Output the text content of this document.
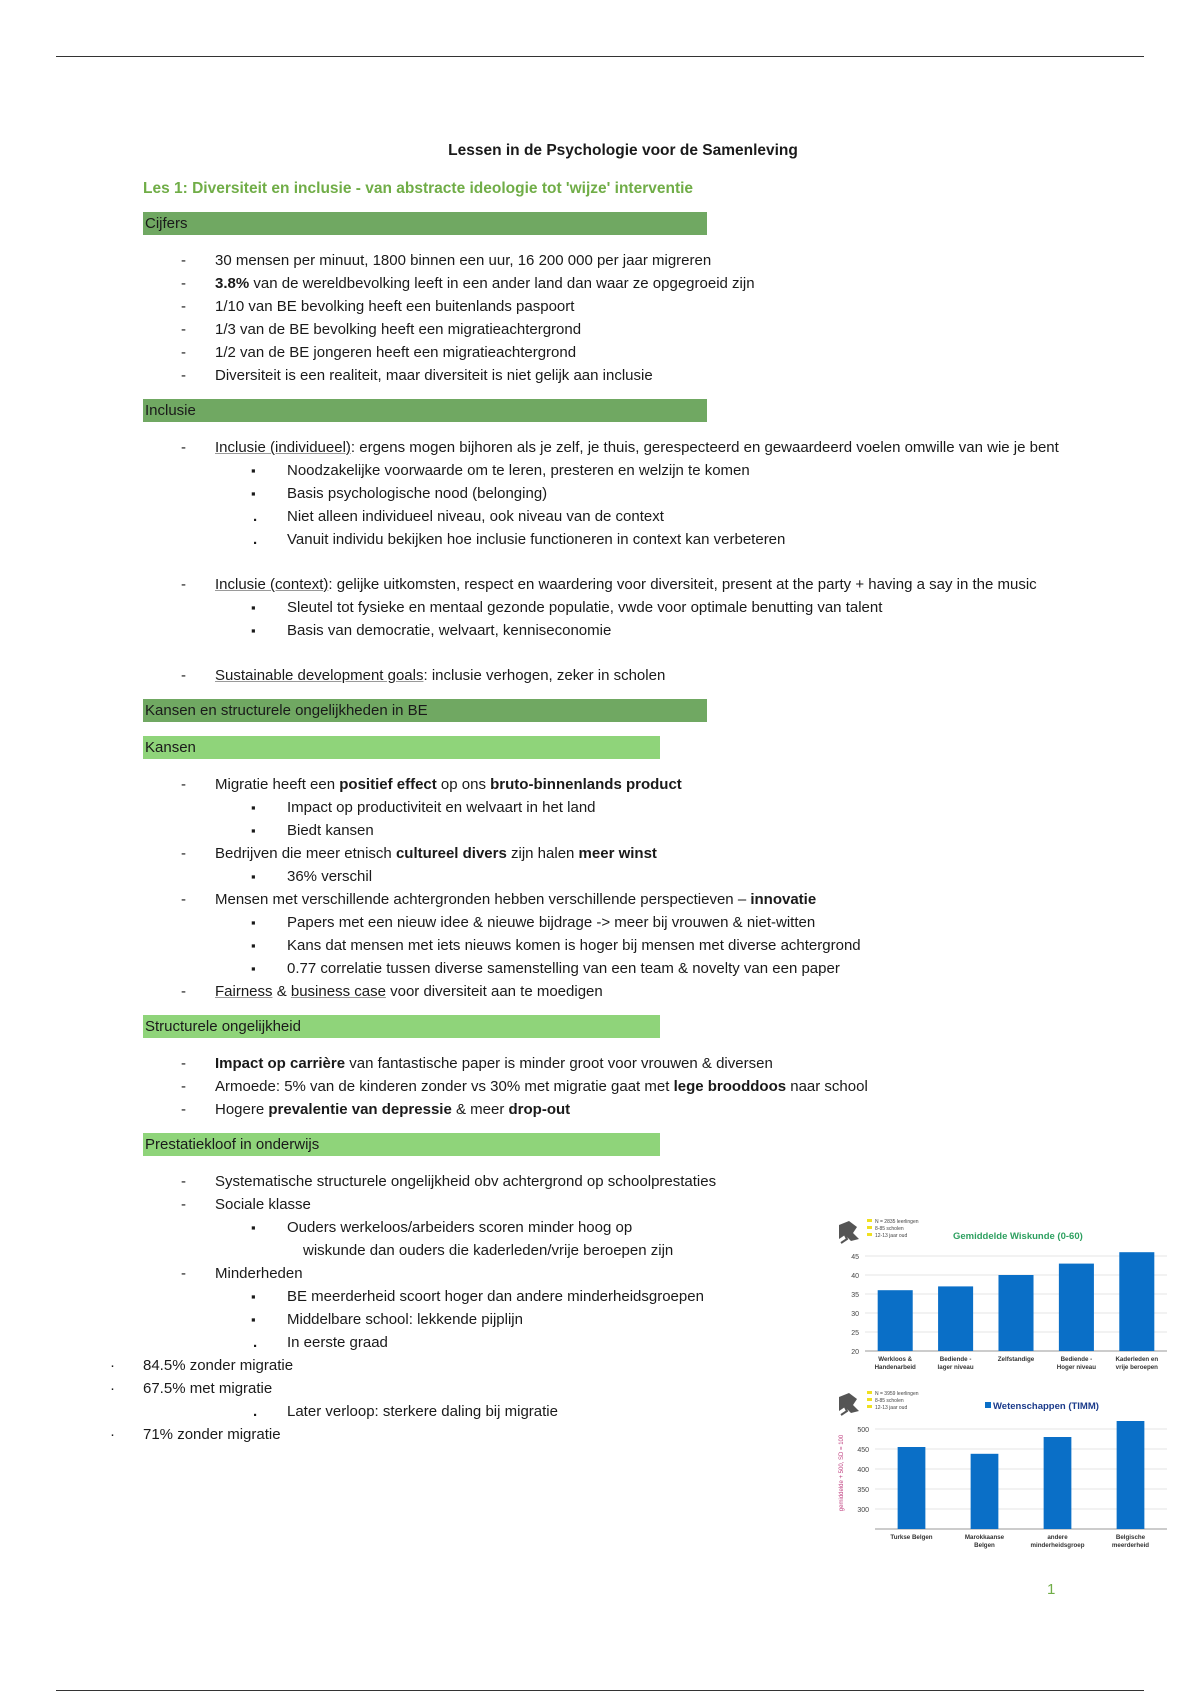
Lessen in de Psychologie voor de Samenleving
Les 1: Diversiteit en inclusie - van abstracte ideologie tot 'wijze' interventie
Cijfers
- 30 mensen per minuut, 1800 binnen een uur, 16 200 000 per jaar migreren
- 3.8% van de wereldbevolking leeft in een ander land dan waar ze opgegroeid zijn
- 1/10 van BE bevolking heeft een buitenlands paspoort
- 1/3 van de BE bevolking heeft een migratieachtergrond
- 1/2 van de BE jongeren heeft een migratieachtergrond
- Diversiteit is een realiteit, maar diversiteit is niet gelijk aan inclusie
Inclusie
- Inclusie (individueel): ergens mogen bijhoren als je zelf, je thuis, gerespecteerd en gewaardeerd voelen omwille van wie je bent
▪ Noodzakelijke voorwaarde om te leren, presteren en welzijn te komen
▪ Basis psychologische nood (belonging)
. Niet alleen individueel niveau, ook niveau van de context
. Vanuit individu bekijken hoe inclusie functioneren in context kan verbeteren
- Inclusie (context): gelijke uitkomsten, respect en waardering voor diversiteit, present at the party + having a say in the music
▪ Sleutel tot fysieke en mentaal gezonde populatie, vwde voor optimale benutting van talent
▪ Basis van democratie, welvaart, kenniseconomie
- Sustainable development goals: inclusie verhogen, zeker in scholen
Kansen en structurele ongelijkheden in BE
Kansen
- Migratie heeft een positief effect op ons bruto-binnenlands product
▪ Impact op productiviteit en welvaart in het land
▪ Biedt kansen
- Bedrijven die meer etnisch cultureel divers zijn halen meer winst
▪ 36% verschil
- Mensen met verschillende achtergronden hebben verschillende perspectieven – innovatie
▪ Papers met een nieuw idee & nieuwe bijdrage -> meer bij vrouwen & niet-witten
▪ Kans dat mensen met iets nieuws komen is hoger bij mensen met diverse achtergrond
▪ 0.77 correlatie tussen diverse samenstelling van een team & novelty van een paper
- Fairness & business case voor diversiteit aan te moedigen
Structurele ongelijkheid
- Impact op carrière van fantastische paper is minder groot voor vrouwen & diversen
- Armoede: 5% van de kinderen zonder vs 30% met migratie gaat met lege brooddoos naar school
- Hogere prevalentie van depressie & meer drop-out
Prestatiekloof in onderwijs
- Systematische structurele ongelijkheid obv achtergrond op schoolprestaties
- Sociale klasse
▪ Ouders werkeloos/arbeiders scoren minder hoog op
wiskunde dan ouders die kaderleden/vrije beroepen zijn
- Minderheden
▪ BE meerderheid scoort hoger dan andere minderheidsgroepen
▪ Middelbare school: lekkende pijplijn
. In eerste graad
· 84.5% zonder migratie
· 67.5% met migratie
. Later verloop: sterkere daling bij migratie
· 71% zonder migratie
N = 2835 leerlingen
8-85 scholen
12-13 jaar oud	Gemiddelde Wiskunde (0-60)
20
25
30
35
40
45
Werkloos &
Handenarbeid
Bediende -
lager niveau
Zelfstandige	Bediende -
Hoger niveau
Kaderleden en
vrije beroepen
N = 3959 leerlingen
8-85 scholen
12-13 jaar oud	Wetenschappen (TIMM)
300
350
400
450
500
gemiddelde + 500, SD = 100
Turkse Belgen	Marokkaanse
Belgen
andere
minderheidsgroep
Belgische
meerderheid
1
